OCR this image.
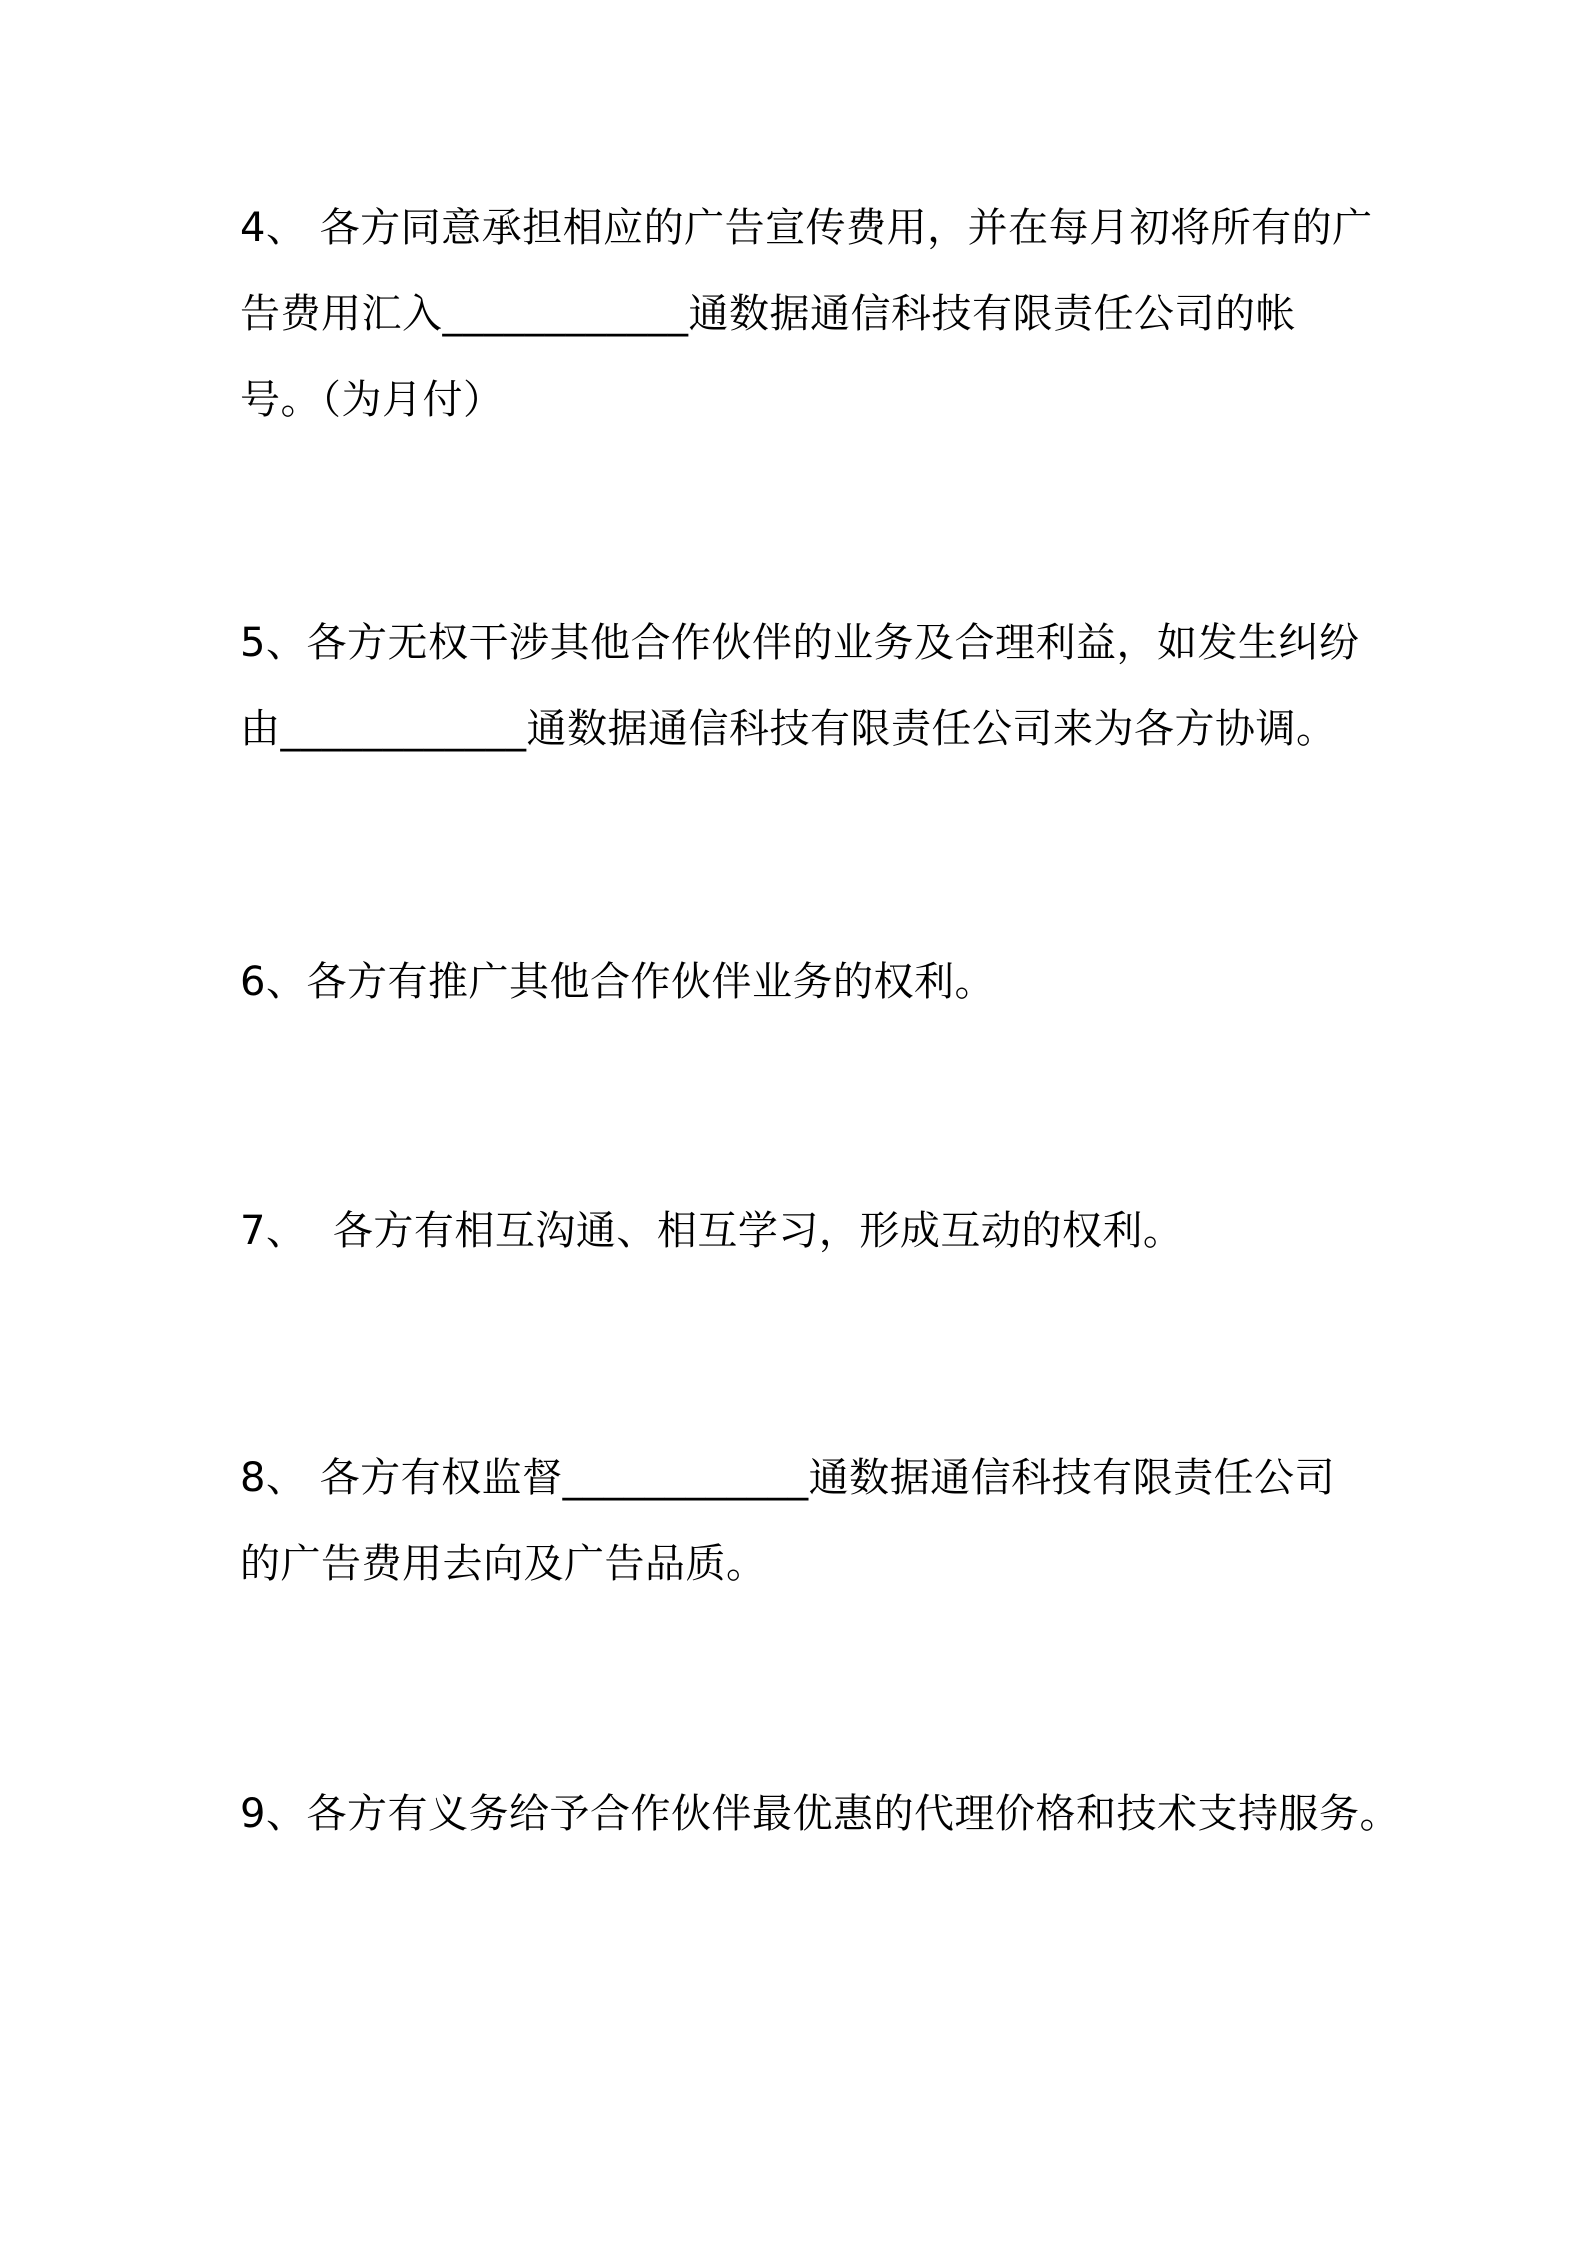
4、 各方同意承担相应的广告宣传费用，并在每月初将所有的广
告费用汇入____________通数据通信科技有限责任公司的帐
号。（为月付）
5、各方无权干涉其他合作伙伴的业务及合理利益，如发生纠纷
由____________通数据通信科技有限责任公司来为各方协调。
6、各方有推广其他合作伙伴业务的权利。
7、  各方有相互沟通、相互学习，形成互动的权利。
8、 各方有权监督____________通数据通信科技有限责任公司
的广告费用去向及广告品质。
9、各方有义务给予合作伙伴最优惠的代理价格和技术支持服务。
